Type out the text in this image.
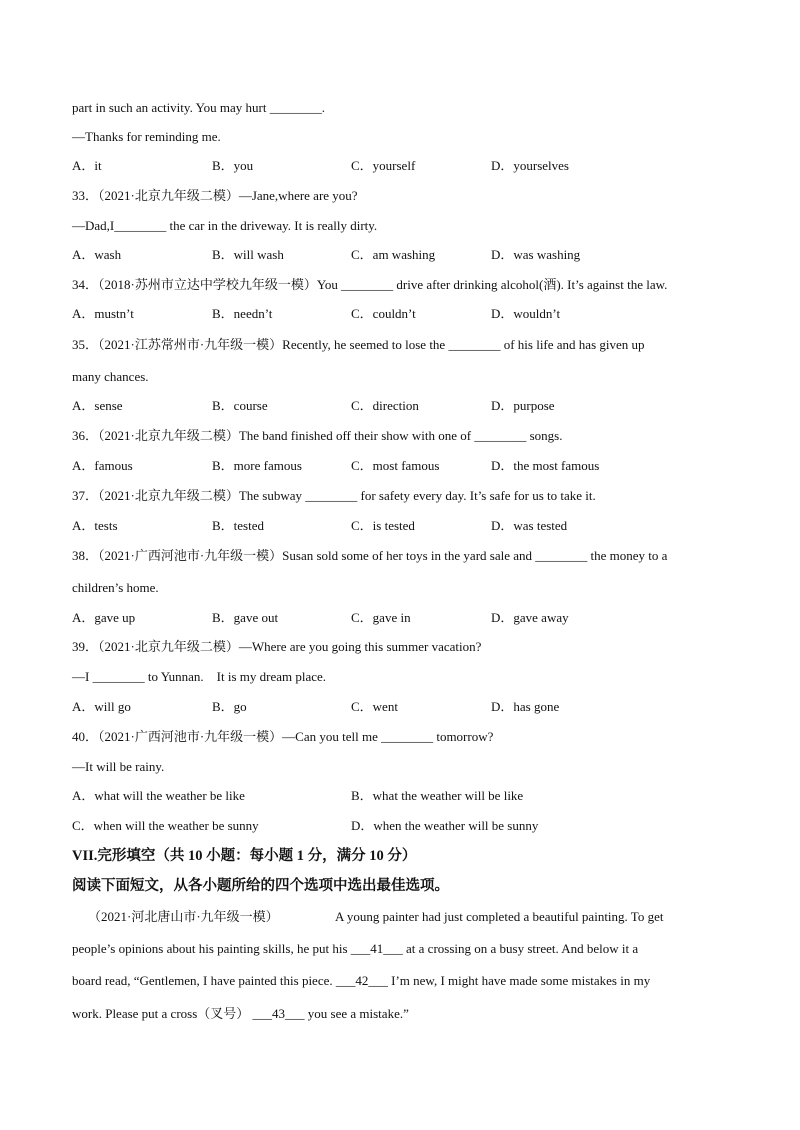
part in such an activity. You may hurt ________.
—Thanks for reminding me.
A．it	B．you	C．yourself	D．yourselves
33．（2021·北京九年级二模）—Jane,where are you?
—Dad,I________ the car in the driveway. It is really dirty.
A．wash	B．will wash	C．am washing	D．was washing
34．（2018·苏州市立达中学校九年级一模）You ________ drive after drinking alcohol(酒). It’s against the law.
A．mustn’t	B．needn’t	C．couldn’t	D．wouldn’t
35．（2021·江苏常州市·九年级一模）Recently, he seemed to lose the ________ of his life and has given up
many chances.
A．sense	B．course	C．direction	D．purpose
36．（2021·北京九年级二模）The band finished off their show with one of ________ songs.
A．famous	B．more famous	C．most famous	D．the most famous
37．（2021·北京九年级二模）The subway ________ for safety every day. It’s safe for us to take it.
A．tests	B．tested	C．is tested	D．was tested
38．（2021·广西河池市·九年级一模）Susan sold some of her toys in the yard sale and ________ the money to a
children’s home.
A．gave up	B．gave out	C．gave in	D．gave away
39．（2021·北京九年级二模）—Where are you going this summer vacation?
—I ________ to Yunnan.    It is my dream place.
A．will go	B．go	C．went	D．has gone
40．（2021·广西河池市·九年级一模）—Can you tell me ________ tomorrow?
—It will be rainy.
A．what will the weather be like	B．what the weather will be like
C．when will the weather be sunny	D．when the weather will be sunny
VII.完形填空（共 10 小题：每小题 1 分，满分 10 分）
阅读下面短文，从各小题所给的四个选项中选出最佳选项。
（2021·河北唐山市·九年级一模）	A young painter had just completed a beautiful painting. To get
people’s opinions about his painting skills, he put his ___41___ at a crossing on a busy street. And below it a
board read, “Gentlemen, I have painted this piece. ___42___ I’m new, I might have made some mistakes in my
work. Please put a cross（叉号） ___43___ you see a mistake.”
